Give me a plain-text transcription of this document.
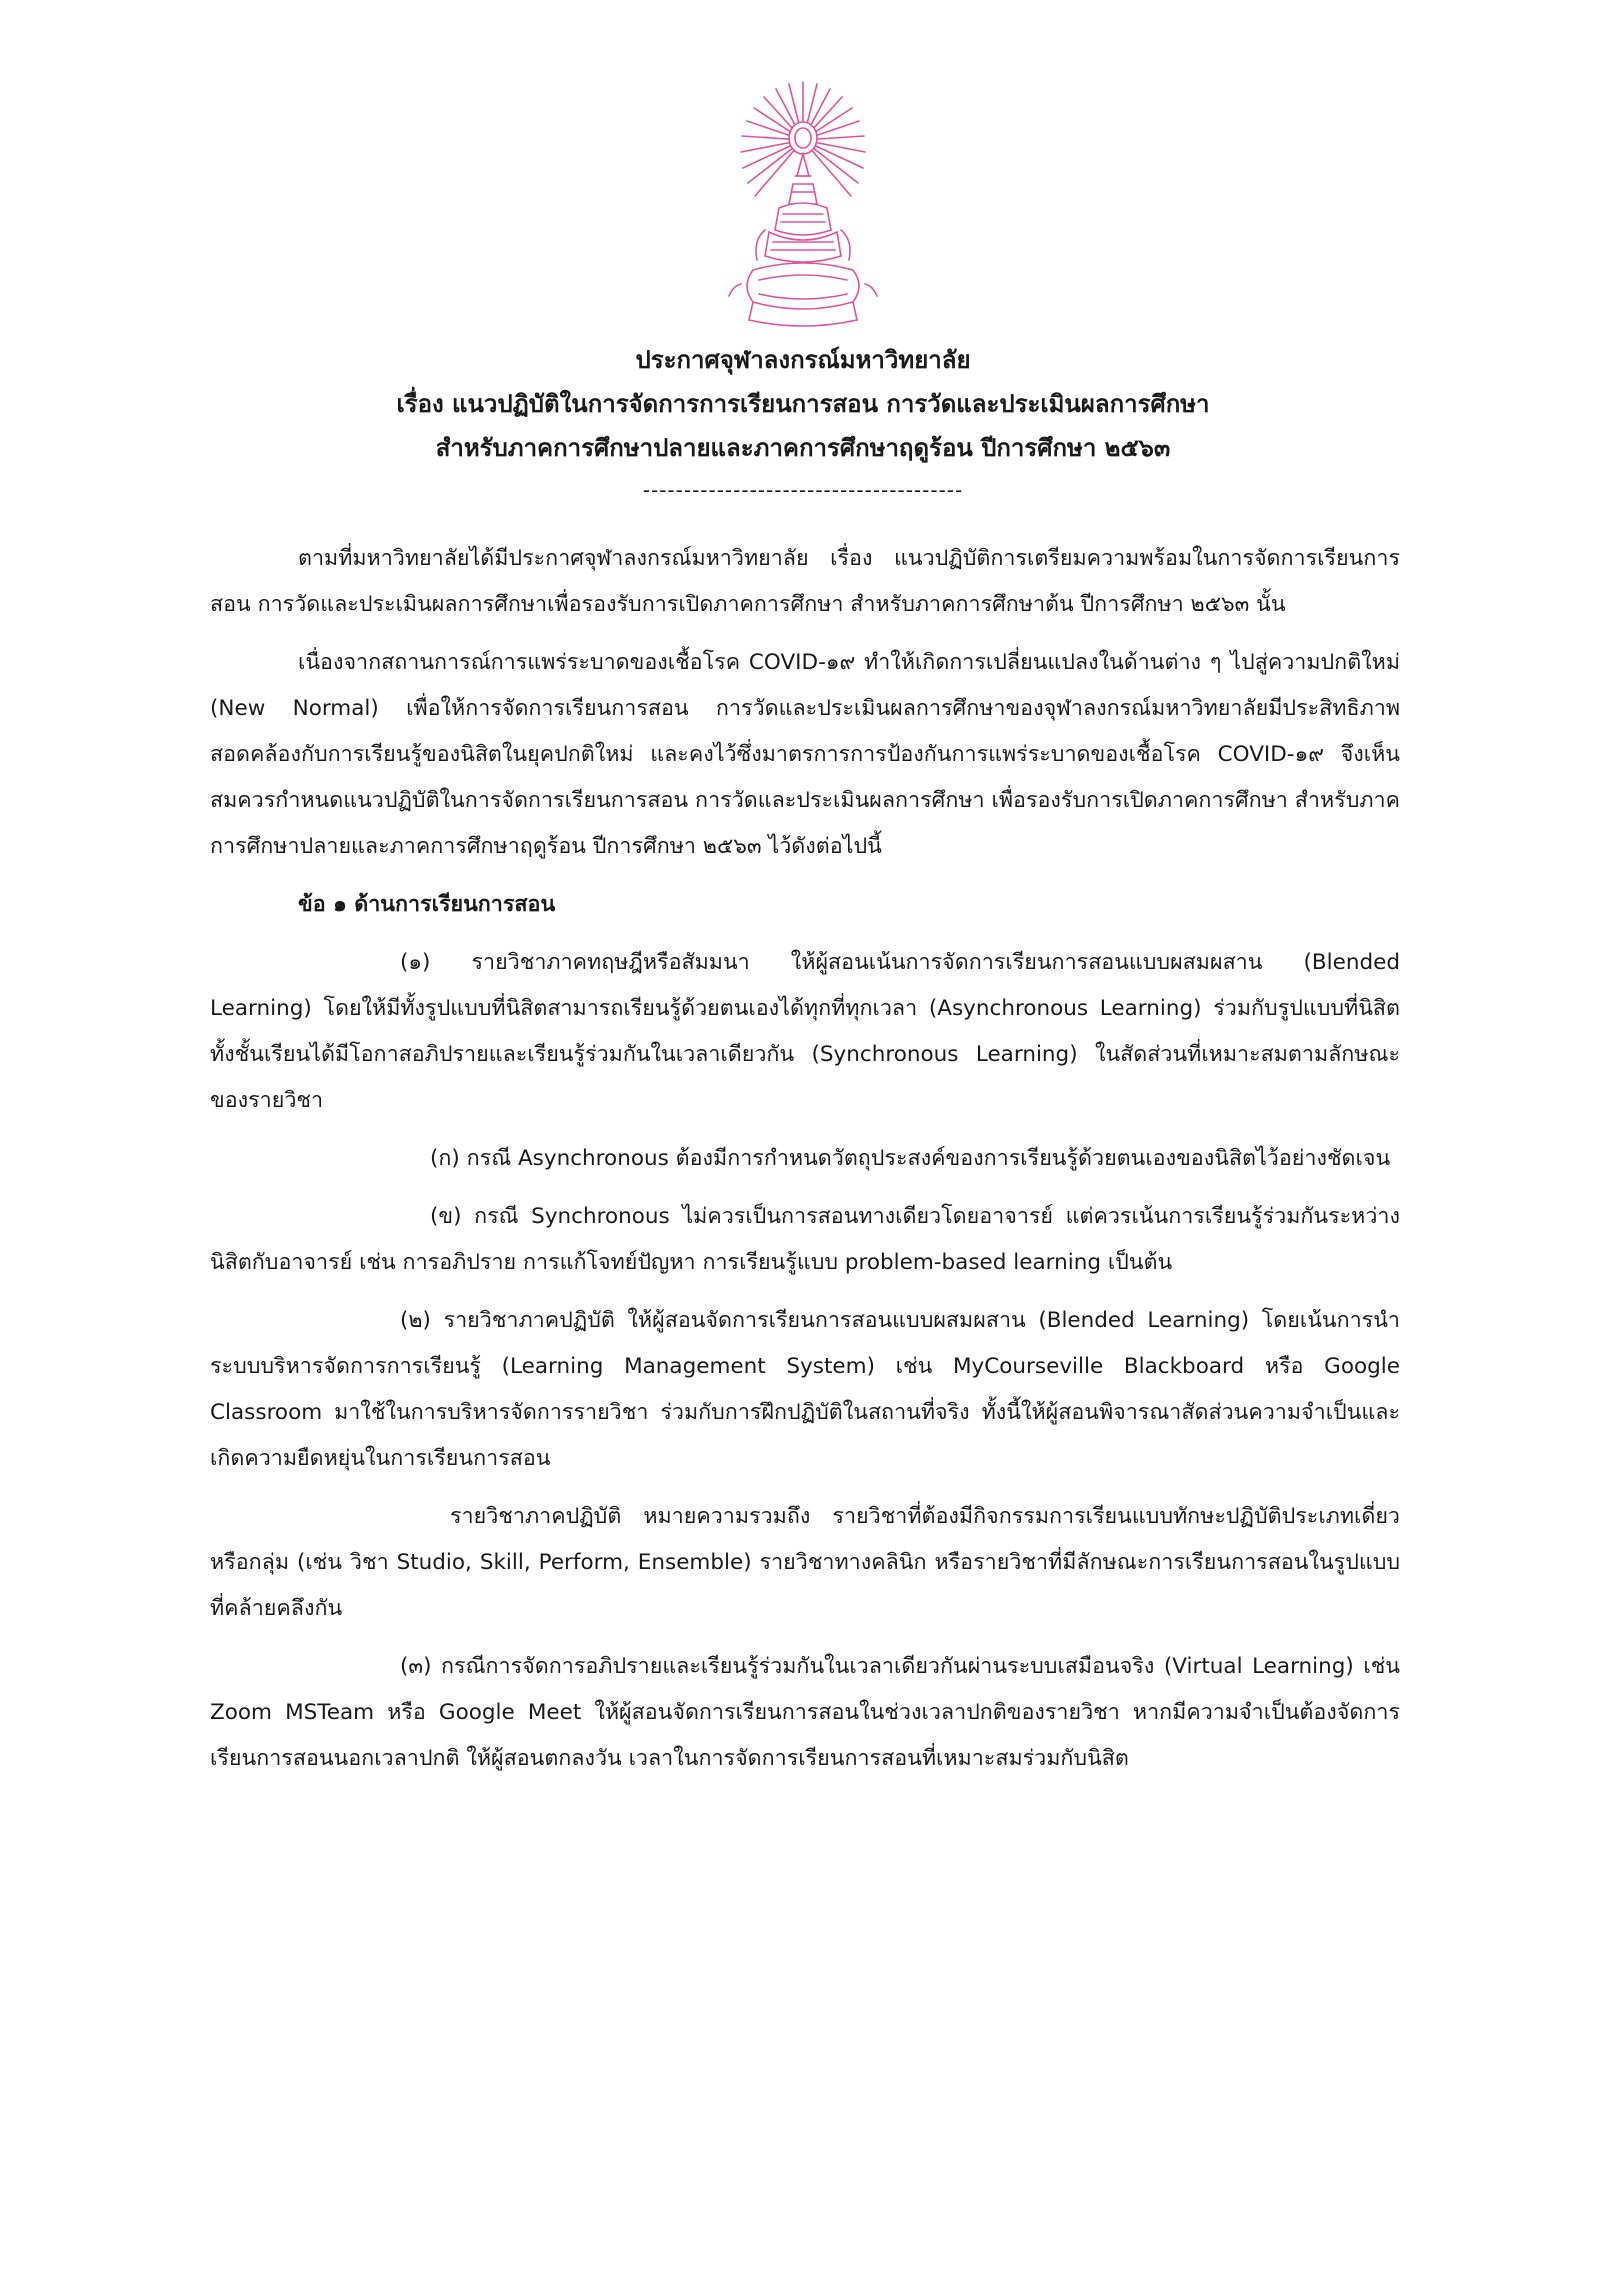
ประกาศจุฬาลงกรณ์มหาวิทยาลัย
เรื่อง แนวปฏิบัติในการจัดการการเรียนการสอน การวัดและประเมินผลการศึกษา
สำหรับภาคการศึกษาปลายและภาคการศึกษาฤดูร้อน ปีการศึกษา ๒๕๖๓
---------------------------------------

ตามที่มหาวิทยาลัยได้มีประกาศจุฬาลงกรณ์มหาวิทยาลัย เรื่อง แนวปฏิบัติการเตรียมความพร้อมในการจัดการเรียนการสอน การวัดและประเมินผลการศึกษาเพื่อรองรับการเปิดภาคการศึกษา สำหรับภาคการศึกษาต้น ปีการศึกษา ๒๕๖๓ นั้น

เนื่องจากสถานการณ์การแพร่ระบาดของเชื้อโรค COVID-๑๙ ทำให้เกิดการเปลี่ยนแปลงในด้านต่าง ๆ ไปสู่ความปกติใหม่ (New Normal) เพื่อให้การจัดการเรียนการสอน การวัดและประเมินผลการศึกษาของจุฬาลงกรณ์มหาวิทยาลัยมีประสิทธิภาพ สอดคล้องกับการเรียนรู้ของนิสิตในยุคปกติใหม่ และคงไว้ซึ่งมาตรการการป้องกันการแพร่ระบาดของเชื้อโรค COVID-๑๙ จึงเห็นสมควรกำหนดแนวปฏิบัติในการจัดการเรียนการสอน การวัดและประเมินผลการศึกษา เพื่อรองรับการเปิดภาคการศึกษา สำหรับภาคการศึกษาปลายและภาคการศึกษาฤดูร้อน ปีการศึกษา ๒๕๖๓ ไว้ดังต่อไปนี้

ข้อ ๑ ด้านการเรียนการสอน

(๑) รายวิชาภาคทฤษฎีหรือสัมมนา ให้ผู้สอนเน้นการจัดการเรียนการสอนแบบผสมผสาน (Blended Learning) โดยให้มีทั้งรูปแบบที่นิสิตสามารถเรียนรู้ด้วยตนเองได้ทุกที่ทุกเวลา (Asynchronous Learning) ร่วมกับรูปแบบที่นิสิตทั้งชั้นเรียนได้มีโอกาสอภิปรายและเรียนรู้ร่วมกันในเวลาเดียวกัน (Synchronous Learning) ในสัดส่วนที่เหมาะสมตามลักษณะของรายวิชา

(ก) กรณี Asynchronous ต้องมีการกำหนดวัตถุประสงค์ของการเรียนรู้ด้วยตนเองของนิสิตไว้อย่างชัดเจน

(ข) กรณี Synchronous ไม่ควรเป็นการสอนทางเดียวโดยอาจารย์ แต่ควรเน้นการเรียนรู้ร่วมกันระหว่างนิสิตกับอาจารย์ เช่น การอภิปราย การแก้โจทย์ปัญหา การเรียนรู้แบบ problem-based learning เป็นต้น

(๒) รายวิชาภาคปฏิบัติ ให้ผู้สอนจัดการเรียนการสอนแบบผสมผสาน (Blended Learning) โดยเน้นการนำระบบบริหารจัดการการเรียนรู้ (Learning Management System) เช่น MyCourseville Blackboard หรือ Google Classroom มาใช้ในการบริหารจัดการรายวิชา ร่วมกับการฝึกปฏิบัติในสถานที่จริง ทั้งนี้ให้ผู้สอนพิจารณาสัดส่วนความจำเป็นและเกิดความยืดหยุ่นในการเรียนการสอน

รายวิชาภาคปฏิบัติ หมายความรวมถึง รายวิชาที่ต้องมีกิจกรรมการเรียนแบบทักษะปฏิบัติประเภทเดี่ยวหรือกลุ่ม (เช่น วิชา Studio, Skill, Perform, Ensemble) รายวิชาทางคลินิก หรือรายวิชาที่มีลักษณะการเรียนการสอนในรูปแบบที่คล้ายคลึงกัน

(๓) กรณีการจัดการอภิปรายและเรียนรู้ร่วมกันในเวลาเดียวกันผ่านระบบเสมือนจริง (Virtual Learning) เช่น Zoom MSTeam หรือ Google Meet ให้ผู้สอนจัดการเรียนการสอนในช่วงเวลาปกติของรายวิชา หากมีความจำเป็นต้องจัดการเรียนการสอนนอกเวลาปกติ ให้ผู้สอนตกลงวัน เวลาในการจัดการเรียนการสอนที่เหมาะสมร่วมกับนิสิต
